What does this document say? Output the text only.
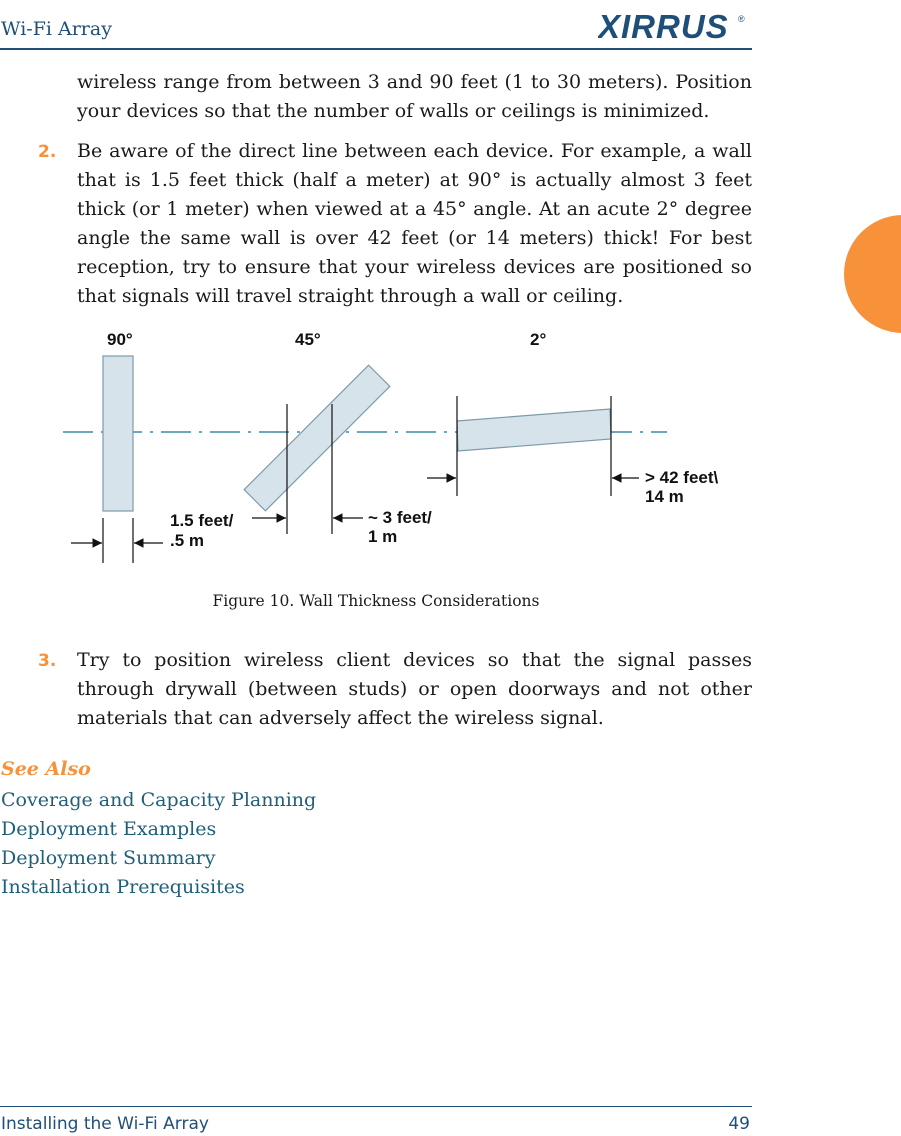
Wi-Fi Array	XIRRUS ®
wireless range from between 3 and 90 feet (1 to 30 meters). Position your devices so that the number of walls or ceilings is minimized.
2. Be aware of the direct line between each device. For example, a wall that is 1.5 feet thick (half a meter) at 90° is actually almost 3 feet thick (or 1 meter) when viewed at a 45° angle. At an acute 2° degree angle the same wall is over 42 feet (or 14 meters) thick! For best reception, try to ensure that your wireless devices are positioned so that signals will travel straight through a wall or ceiling.
90°	45°	2°
1.5 feet/
.5 m
~ 3 feet/
1 m
> 42 feet\
14 m
Figure 10. Wall Thickness Considerations
3. Try to position wireless client devices so that the signal passes through drywall (between studs) or open doorways and not other materials that can adversely affect the wireless signal.
See Also
Coverage and Capacity Planning
Deployment Examples
Deployment Summary
Installation Prerequisites
Installing the Wi-Fi Array	49
